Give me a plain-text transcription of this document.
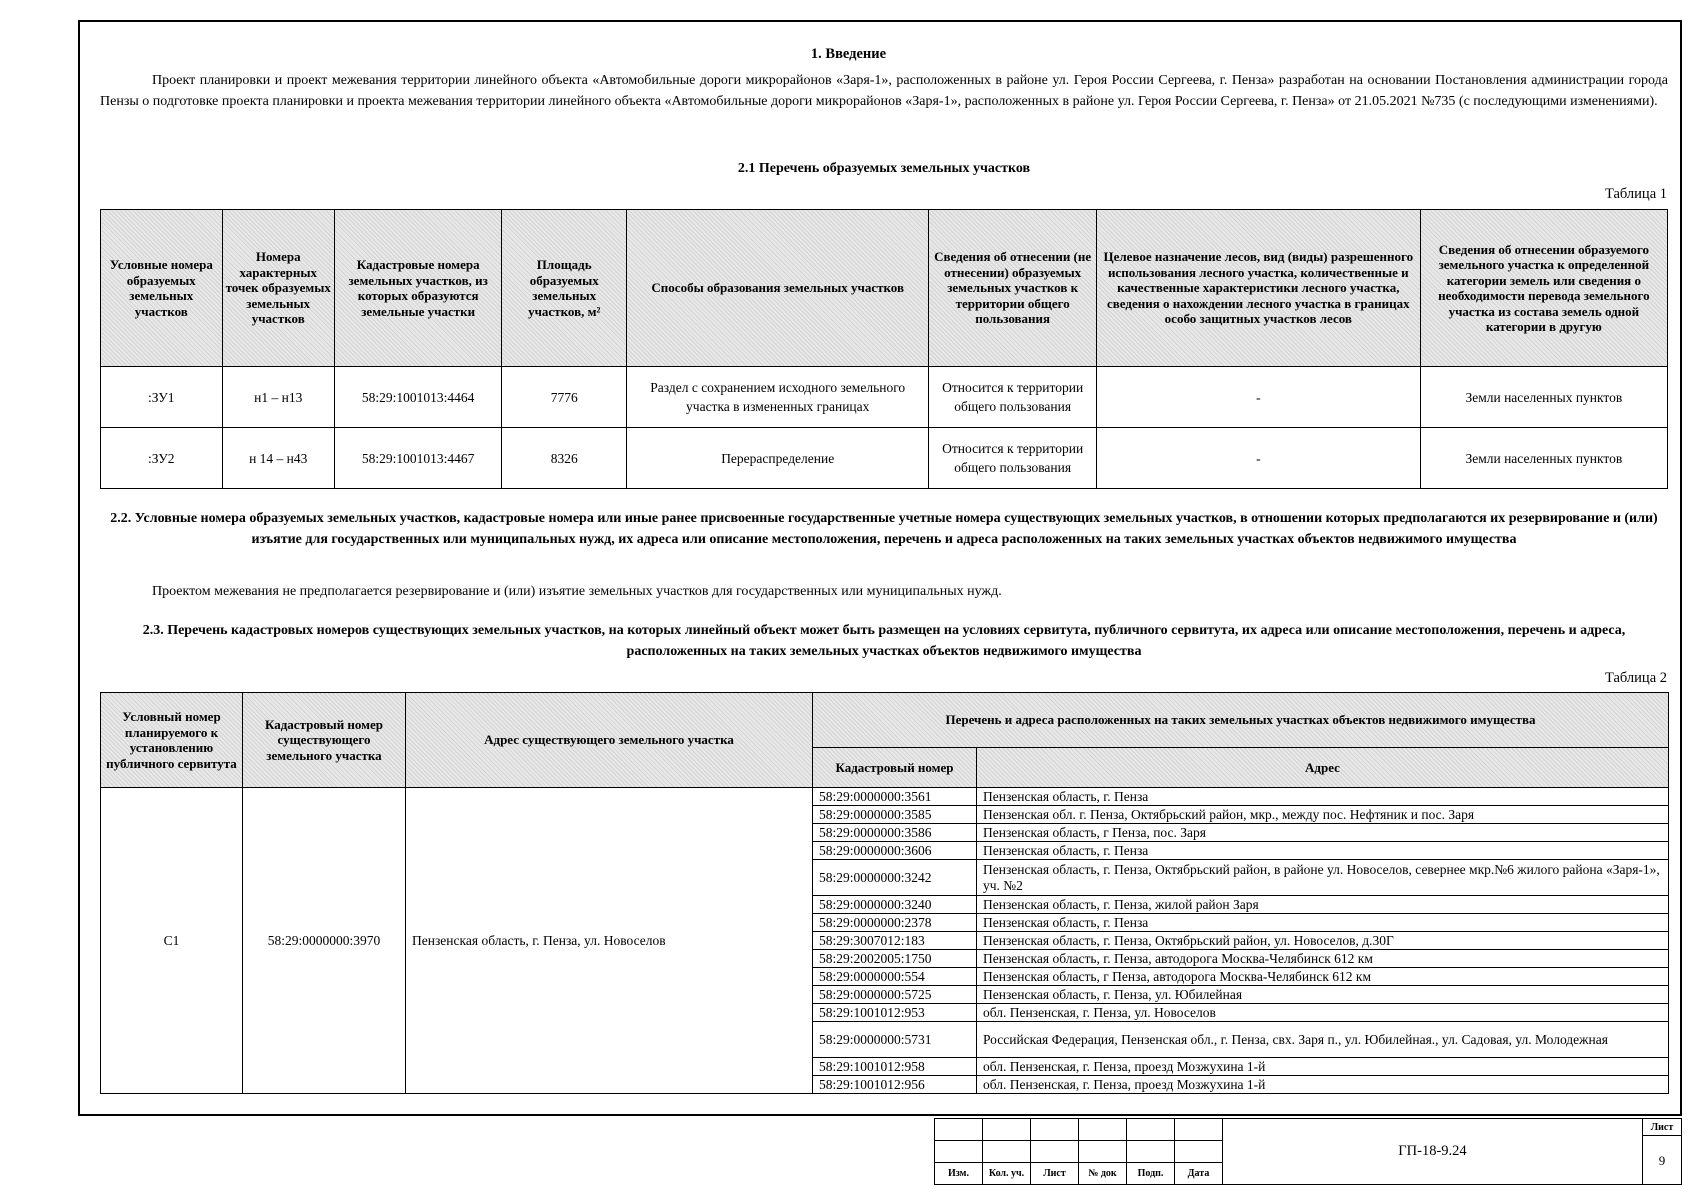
1. Введение
Проект планировки и проект межевания территории линейного объекта «Автомобильные дороги микрорайонов «Заря-1», расположенных в районе ул. Героя России Сергеева, г. Пенза» разработан на основании Постановления администрации города Пензы о подготовке проекта планировки и проекта межевания территории линейного объекта «Автомобильные дороги микрорайонов «Заря-1», расположенных в районе ул. Героя России Сергеева, г. Пенза» от 21.05.2021 №735 (с последующими изменениями).
2.1 Перечень образуемых земельных участков
Таблица 1
Условные номера образуемых земельных участков	Номера характерных точек образуемых земельных участков	Кадастровые номера земельных участков, из которых образуются земельные участки	Площадь образуемых земельных участков, м²	Способы образования земельных участков	Сведения об отнесении (не отнесении) образуемых земельных участков к территории общего пользования	Целевое назначение лесов, вид (виды) разрешенного использования лесного участка, количественные и качественные характеристики лесного участка, сведения о нахождении лесного участка в границах особо защитных участков лесов	Сведения об отнесении образуемого земельного участка к определенной категории земель или сведения о необходимости перевода земельного участка из состава земель одной категории в другую
:ЗУ1	н1 – н13	58:29:1001013:4464	7776	Раздел с сохранением исходного земельного участка в измененных границах	Относится к территории общего пользования	-	Земли населенных пунктов
:ЗУ2	н 14 – н43	58:29:1001013:4467	8326	Перераспределение	Относится к территории общего пользования	-	Земли населенных пунктов
2.2. Условные номера образуемых земельных участков, кадастровые номера или иные ранее присвоенные государственные учетные номера существующих земельных участков, в отношении которых предполагаются их резервирование и (или) изъятие для государственных или муниципальных нужд, их адреса или описание местоположения, перечень и адреса расположенных на таких земельных участках объектов недвижимого имущества
Проектом межевания не предполагается резервирование и (или) изъятие земельных участков для государственных или муниципальных нужд.
2.3. Перечень кадастровых номеров существующих земельных участков, на которых линейный объект может быть размещен на условиях сервитута, публичного сервитута, их адреса или описание местоположения, перечень и адреса, расположенных на таких земельных участках объектов недвижимого имущества
Таблица 2
Условный номер планируемого к установлению публичного сервитута	Кадастровый номер существующего земельного участка	Адрес существующего земельного участка	Перечень и адреса расположенных на таких земельных участках объектов недвижимого имущества	
			Кадастровый номер	Адрес
С1	58:29:0000000:3970	Пензенская область, г. Пенза, ул. Новоселов	58:29:0000000:3561	Пензенская область, г. Пенза
			58:29:0000000:3585	Пензенская обл. г. Пенза, Октябрьский район, мкр., между пос. Нефтяник и пос. Заря
			58:29:0000000:3586	Пензенская область, г Пенза, пос. Заря
			58:29:0000000:3606	Пензенская область, г. Пенза
			58:29:0000000:3242	Пензенская область, г. Пенза, Октябрьский район, в районе ул. Новоселов, севернее мкр.№6 жилого района «Заря-1», уч. №2
			58:29:0000000:3240	Пензенская область, г. Пенза, жилой район Заря
			58:29:0000000:2378	Пензенская область, г. Пенза
			58:29:3007012:183	Пензенская область, г. Пенза, Октябрьский район, ул. Новоселов, д.30Г
			58:29:2002005:1750	Пензенская область, г. Пенза, автодорога Москва-Челябинск 612 км
			58:29:0000000:554	Пензенская область, г Пенза, автодорога Москва-Челябинск 612 км
			58:29:0000000:5725	Пензенская область, г. Пенза, ул. Юбилейная
			58:29:1001012:953	обл. Пензенская, г. Пенза, ул. Новоселов
			58:29:0000000:5731	Российская Федерация, Пензенская обл., г. Пенза, свх. Заря п., ул. Юбилейная., ул. Садовая, ул. Молодежная
			58:29:1001012:958	обл. Пензенская, г. Пенза, проезд Мозжухина 1-й
			58:29:1001012:956	обл. Пензенская, г. Пенза, проезд Мозжухина 1-й

Изм.	Кол. уч.	Лист	№ док	Подп.	Дата
ГП-18-9.24
Лист
9
